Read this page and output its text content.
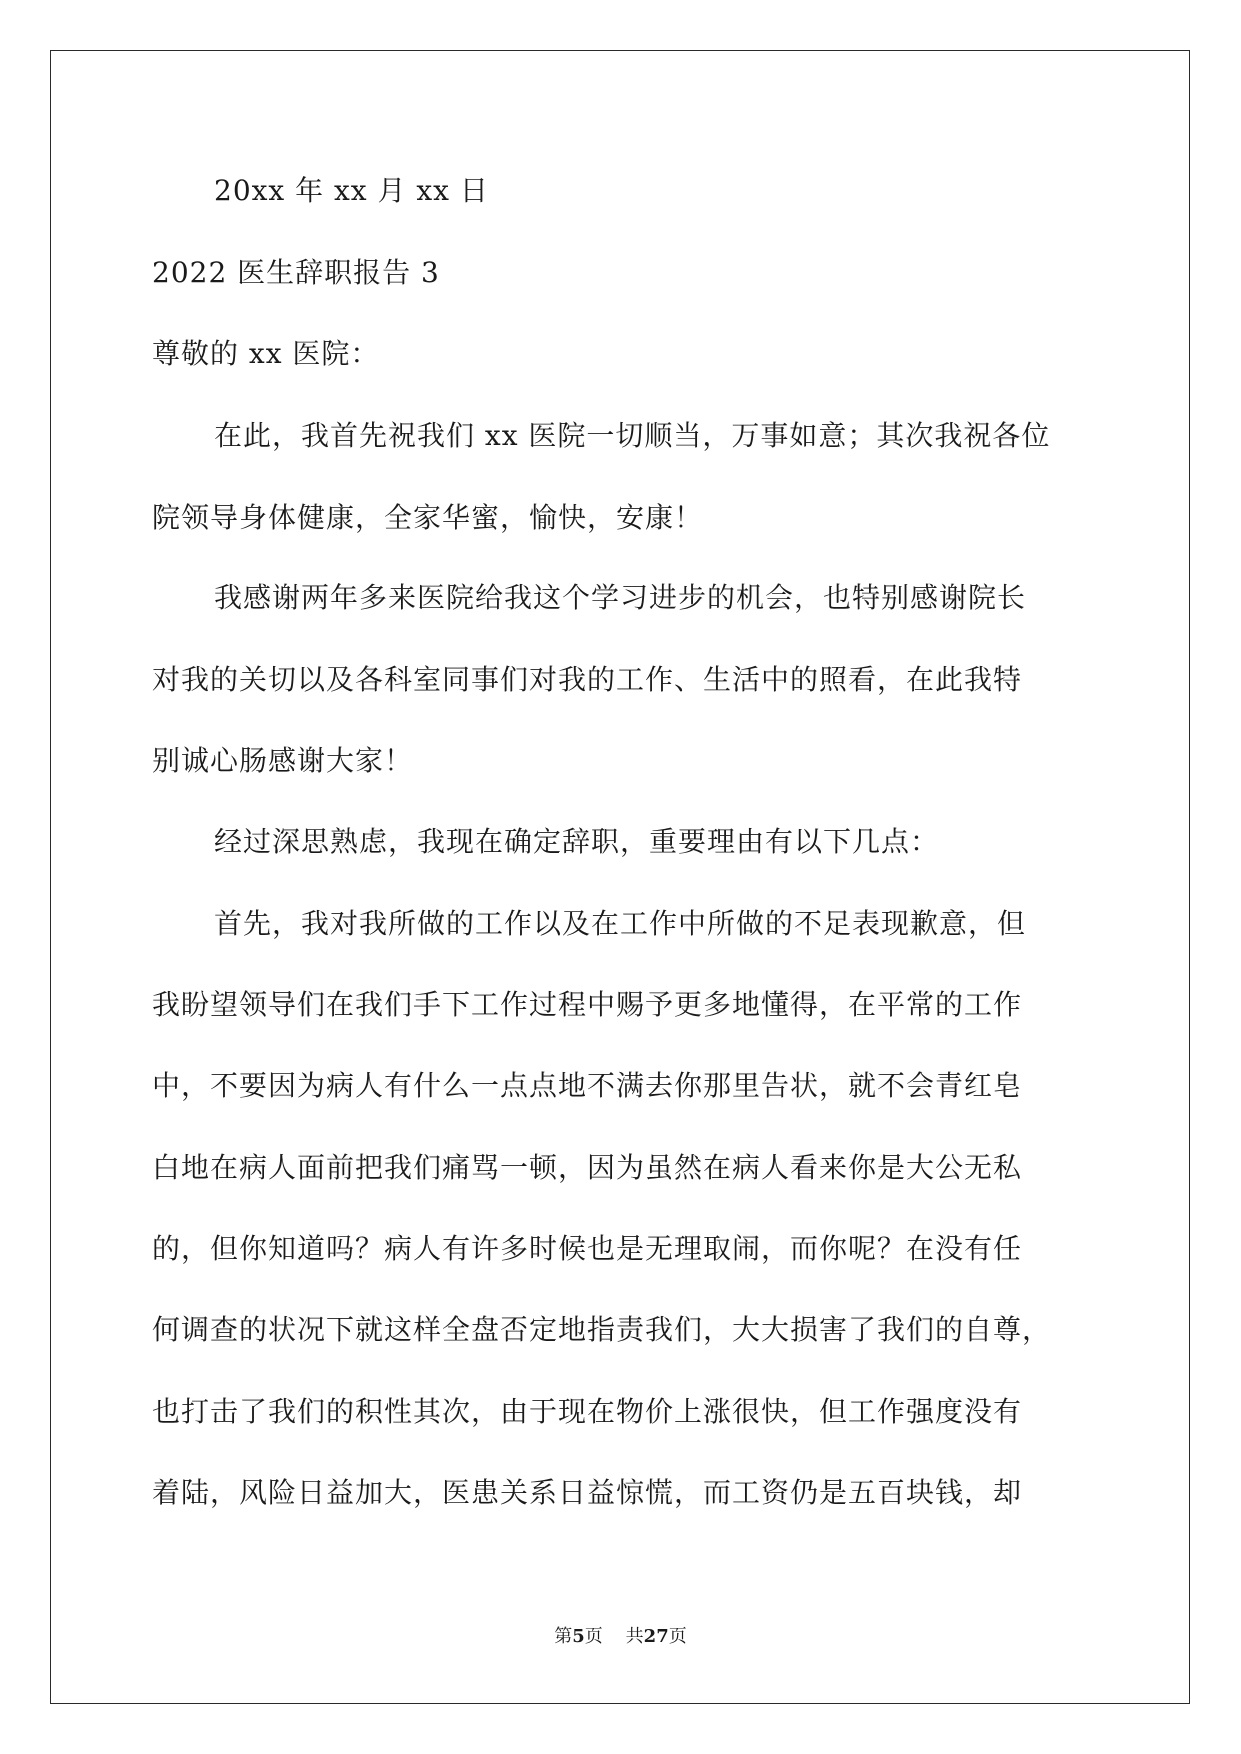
20xx 年 xx 月 xx 日
2022 医生辞职报告 3
尊敬的 xx 医院：
在此，我首先祝我们 xx 医院一切顺当，万事如意；其次我祝各位
院领导身体健康，全家华蜜，愉快，安康！
我感谢两年多来医院给我这个学习进步的机会，也特别感谢院长
对我的关切以及各科室同事们对我的工作、生活中的照看，在此我特
别诚心肠感谢大家！
经过深思熟虑，我现在确定辞职，重要理由有以下几点：
首先，我对我所做的工作以及在工作中所做的不足表现歉意，但
我盼望领导们在我们手下工作过程中赐予更多地懂得，在平常的工作
中，不要因为病人有什么一点点地不满去你那里告状，就不会青红皂
白地在病人面前把我们痛骂一顿，因为虽然在病人看来你是大公无私
的，但你知道吗？病人有许多时候也是无理取闹，而你呢？在没有任
何调查的状况下就这样全盘否定地指责我们，大大损害了我们的自尊，
也打击了我们的积性其次，由于现在物价上涨很快，但工作强度没有
着陆，风险日益加大，医患关系日益惊慌，而工资仍是五百块钱，却
第5页 共27页
